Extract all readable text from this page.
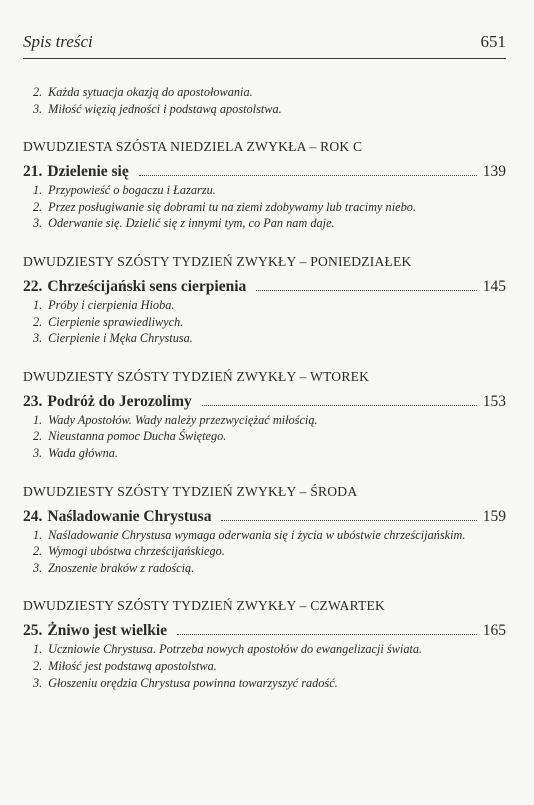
Spis treści	651

2. Każda sytuacja okazją do apostołowania.

3. Miłość więzią jedności i podstawą apostolstwa.

DWUDZIESTA SZÓSTA NIEDZIELA ZWYKŁA – ROK C
21. Dzielenie się	139

1. Przypowieść o bogaczu i Łazarzu.

2. Przez posługiwanie się dobrami tu na ziemi zdobywamy lub tracimy niebo.

3. Oderwanie się. Dzielić się z innymi tym, co Pan nam daje.

DWUDZIESTY SZÓSTY TYDZIEŃ ZWYKŁY – PONIEDZIAŁEK
22. Chrześcijański sens cierpienia	145

1. Próby i cierpienia Hioba.

2. Cierpienie sprawiedliwych.

3. Cierpienie i Męka Chrystusa.

DWUDZIESTY SZÓSTY TYDZIEŃ ZWYKŁY – WTOREK
23. Podróż do Jerozolimy	153

1. Wady Apostołów. Wady należy przezwyciężać miłością.

2. Nieustanna pomoc Ducha Świętego.

3. Wada główna.

DWUDZIESTY SZÓSTY TYDZIEŃ ZWYKŁY – ŚRODA
24. Naśladowanie Chrystusa	159

1. Naśladowanie Chrystusa wymaga oderwania się i życia w ubóstwie chrześcijańskim.

2. Wymogi ubóstwa chrześcijańskiego.

3. Znoszenie braków z radością.

DWUDZIESTY SZÓSTY TYDZIEŃ ZWYKŁY – CZWARTEK
25. Żniwo jest wielkie	165

1. Uczniowie Chrystusa. Potrzeba nowych apostołów do ewangelizacji świata.

2. Miłość jest podstawą apostolstwa.

3. Głoszeniu orędzia Chrystusa powinna towarzyszyć radość.
